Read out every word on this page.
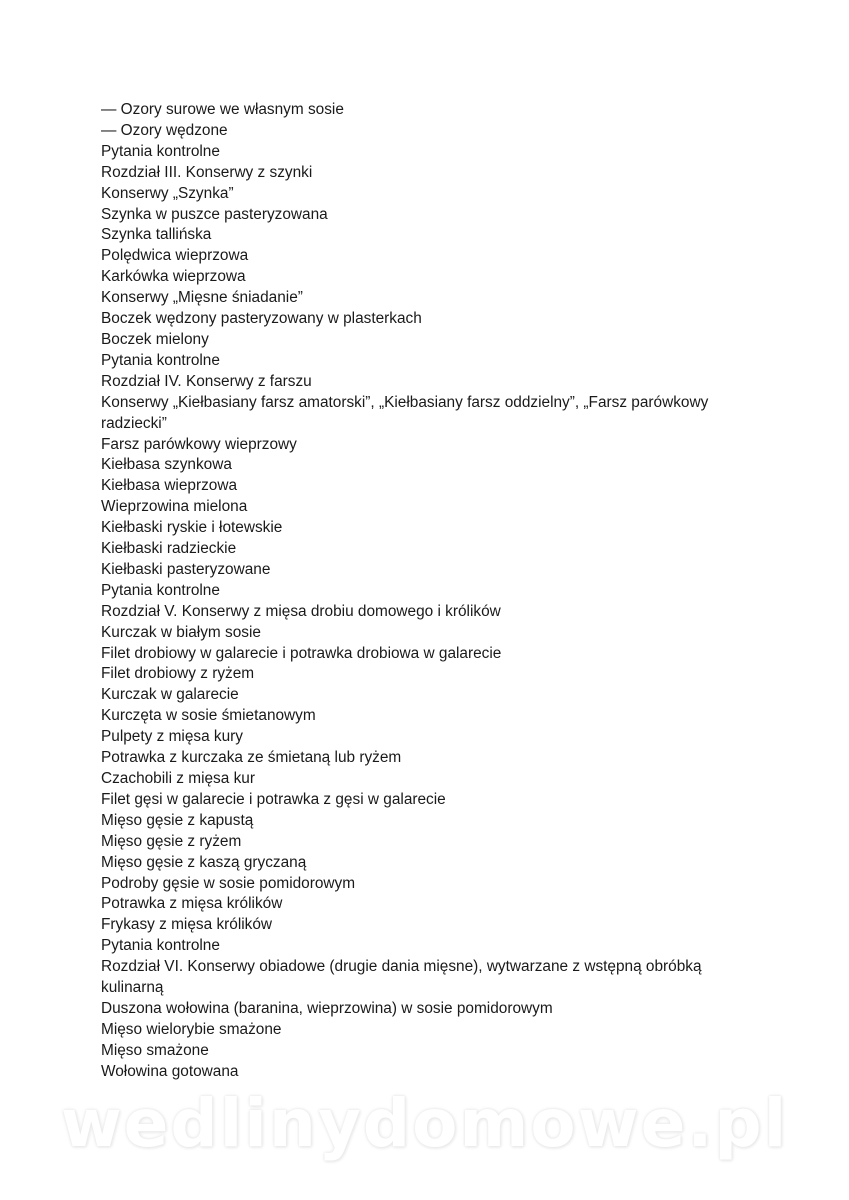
— Ozory surowe we własnym sosie
— Ozory wędzone
Pytania kontrolne
Rozdział III. Konserwy z szynki
Konserwy „Szynka”
Szynka w puszce pasteryzowana
Szynka tallińska
Polędwica wieprzowa
Karkówka wieprzowa
Konserwy „Mięsne śniadanie”
Boczek wędzony pasteryzowany w plasterkach
Boczek mielony
Pytania kontrolne
Rozdział IV. Konserwy z farszu
Konserwy „Kiełbasiany farsz amatorski”, „Kiełbasiany farsz oddzielny”, „Farsz parówkowy radziecki”
Farsz parówkowy wieprzowy
Kiełbasa szynkowa
Kiełbasa wieprzowa
Wieprzowina mielona
Kiełbaski ryskie i łotewskie
Kiełbaski radzieckie
Kiełbaski pasteryzowane
Pytania kontrolne
Rozdział V. Konserwy z mięsa drobiu domowego i królików
Kurczak w białym sosie
Filet drobiowy w galarecie i potrawka drobiowa w galarecie
Filet drobiowy z ryżem
Kurczak w galarecie
Kurczęta w sosie śmietanowym
Pulpety z mięsa kury
Potrawka z kurczaka ze śmietaną lub ryżem
Czachobili z mięsa kur
Filet gęsi w galarecie i potrawka z gęsi w galarecie
Mięso gęsie z kapustą
Mięso gęsie z ryżem
Mięso gęsie z kaszą gryczaną
Podroby gęsie w sosie pomidorowym
Potrawka z mięsa królików
Frykasy z mięsa królików
Pytania kontrolne
Rozdział VI. Konserwy obiadowe (drugie dania mięsne), wytwarzane z wstępną obróbką kulinarną
Duszona wołowina (baranina, wieprzowina) w sosie pomidorowym
Mięso wielorybie smażone
Mięso smażone
Wołowina gotowana
wedlinydomowe.pl
